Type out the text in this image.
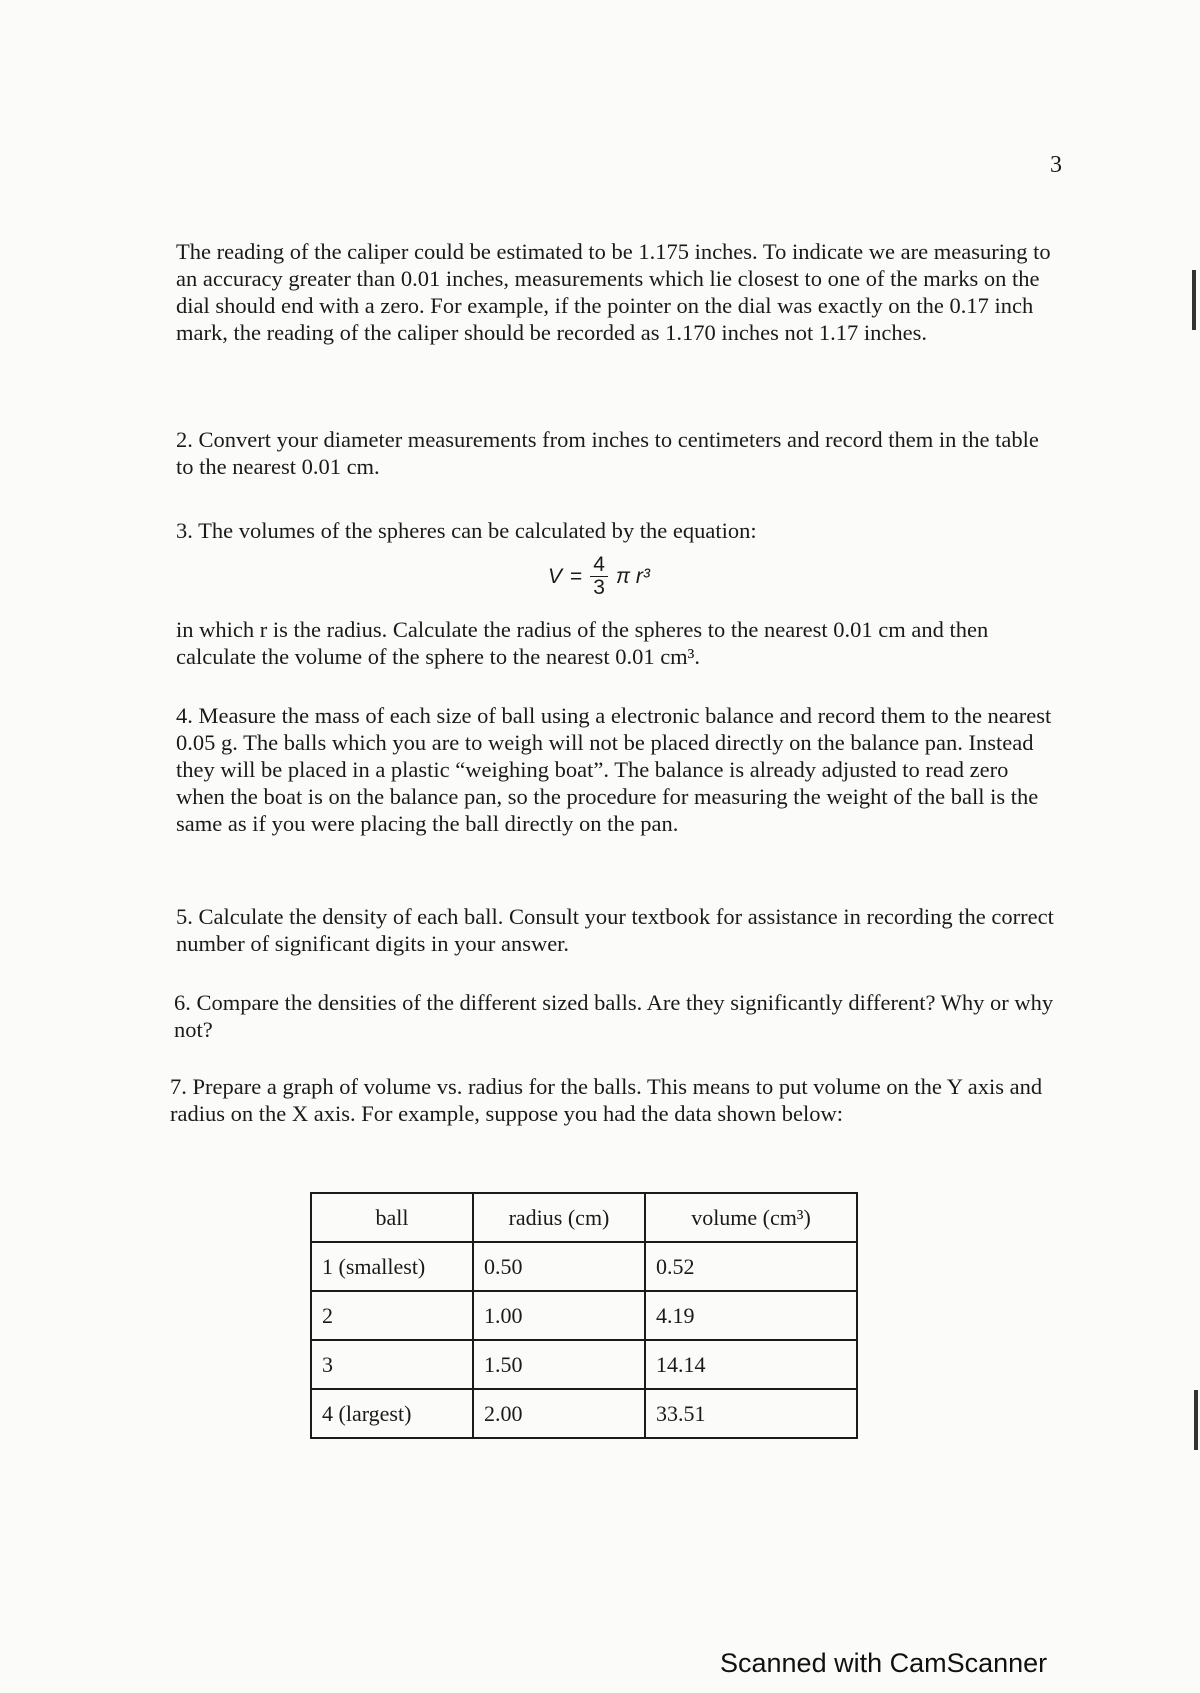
3

The reading of the caliper could be estimated to be 1.175 inches. To indicate we are measuring to an accuracy greater than 0.01 inches, measurements which lie closest to one of the marks on the dial should end with a zero. For example, if the pointer on the dial was exactly on the 0.17 inch mark, the reading of the caliper should be recorded as 1.170 inches not 1.17 inches.

2. Convert your diameter measurements from inches to centimeters and record them in the table to the nearest 0.01 cm.

3. The volumes of the spheres can be calculated by the equation:

$V = \frac{4}{3}$ π r³

in which r is the radius. Calculate the radius of the spheres to the nearest 0.01 cm and then calculate the volume of the sphere to the nearest 0.01 cm³.

4. Measure the mass of each size of ball using a electronic balance and record them to the nearest 0.05 g. The balls which you are to weigh will not be placed directly on the balance pan. Instead they will be placed in a plastic “weighing boat”. The balance is already adjusted to read zero when the boat is on the balance pan, so the procedure for measuring the weight of the ball is the same as if you were placing the ball directly on the pan.

5. Calculate the density of each ball. Consult your textbook for assistance in recording the correct number of significant digits in your answer.

6. Compare the densities of the different sized balls. Are they significantly different? Why or why not?

7. Prepare a graph of volume vs. radius for the balls. This means to put volume on the Y axis and radius on the X axis. For example, suppose you had the data shown below:

ball	radius (cm)	volume (cm³)
1 (smallest)	0.50	0.52
2	1.00	4.19
3	1.50	14.14
4 (largest)	2.00	33.51
Scanned with CamScanner
